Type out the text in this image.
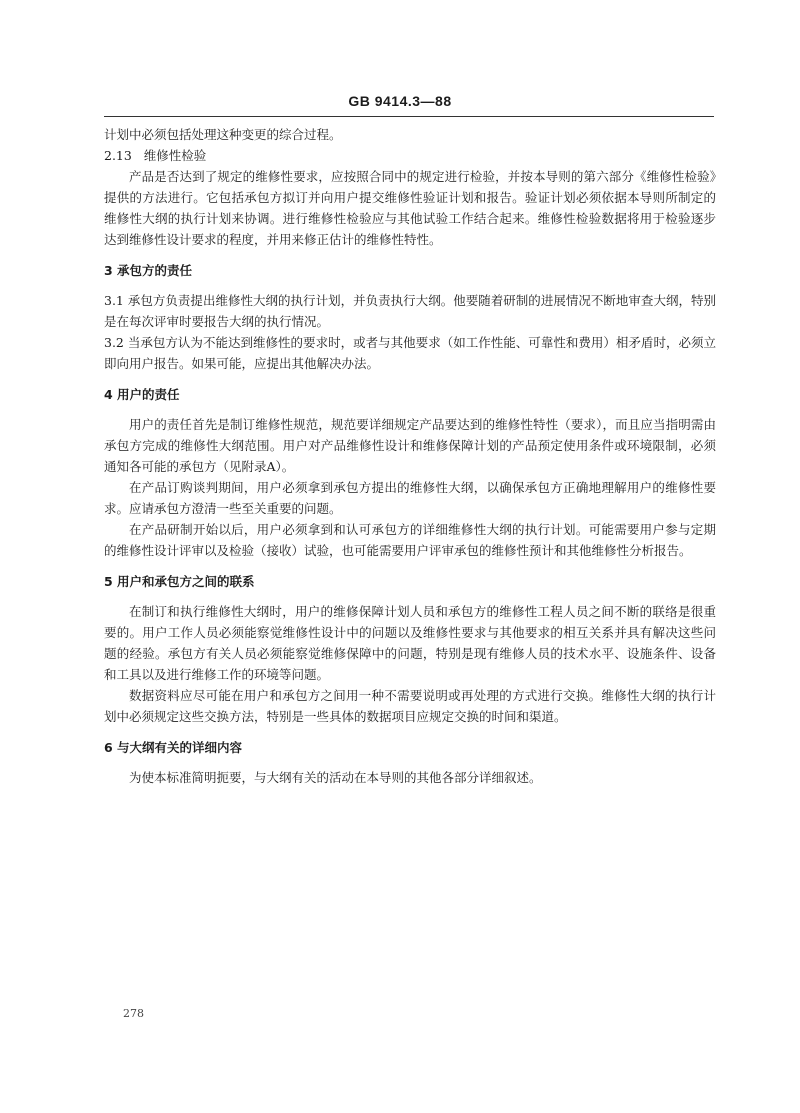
GB 9414.3—88

计划中必须包括处理这种变更的综合过程。

2.13 维修性检验

产品是否达到了规定的维修性要求，应按照合同中的规定进行检验，并按本导则的第六部分《维修性检验》提供的方法进行。它包括承包方拟订并向用户提交维修性验证计划和报告。验证计划必须依据本导则所制定的维修性大纲的执行计划来协调。进行维修性检验应与其他试验工作结合起来。维修性检验数据将用于检验逐步达到维修性设计要求的程度，并用来修正估计的维修性特性。

3 承包方的责任

3.1 承包方负责提出维修性大纲的执行计划，并负责执行大纲。他要随着研制的进展情况不断地审查大纲，特别是在每次评审时要报告大纲的执行情况。

3.2 当承包方认为不能达到维修性的要求时，或者与其他要求（如工作性能、可靠性和费用）相矛盾时，必须立即向用户报告。如果可能，应提出其他解决办法。

4 用户的责任

用户的责任首先是制订维修性规范，规范要详细规定产品要达到的维修性特性（要求），而且应当指明需由承包方完成的维修性大纲范围。用户对产品维修性设计和维修保障计划的产品预定使用条件或环境限制，必须通知各可能的承包方（见附录A）。

在产品订购谈判期间，用户必须拿到承包方提出的维修性大纲，以确保承包方正确地理解用户的维修性要求。应请承包方澄清一些至关重要的问题。

在产品研制开始以后，用户必须拿到和认可承包方的详细维修性大纲的执行计划。可能需要用户参与定期的维修性设计评审以及检验（接收）试验，也可能需要用户评审承包的维修性预计和其他维修性分析报告。

5 用户和承包方之间的联系

在制订和执行维修性大纲时，用户的维修保障计划人员和承包方的维修性工程人员之间不断的联络是很重要的。用户工作人员必须能察觉维修性设计中的问题以及维修性要求与其他要求的相互关系并具有解决这些问题的经验。承包方有关人员必须能察觉维修保障中的问题，特别是现有维修人员的技术水平、设施条件、设备和工具以及进行维修工作的环境等问题。

数据资料应尽可能在用户和承包方之间用一种不需要说明或再处理的方式进行交换。维修性大纲的执行计划中必须规定这些交换方法，特别是一些具体的数据项目应规定交换的时间和渠道。

6 与大纲有关的详细内容

为使本标准简明扼要，与大纲有关的活动在本导则的其他各部分详细叙述。

278
